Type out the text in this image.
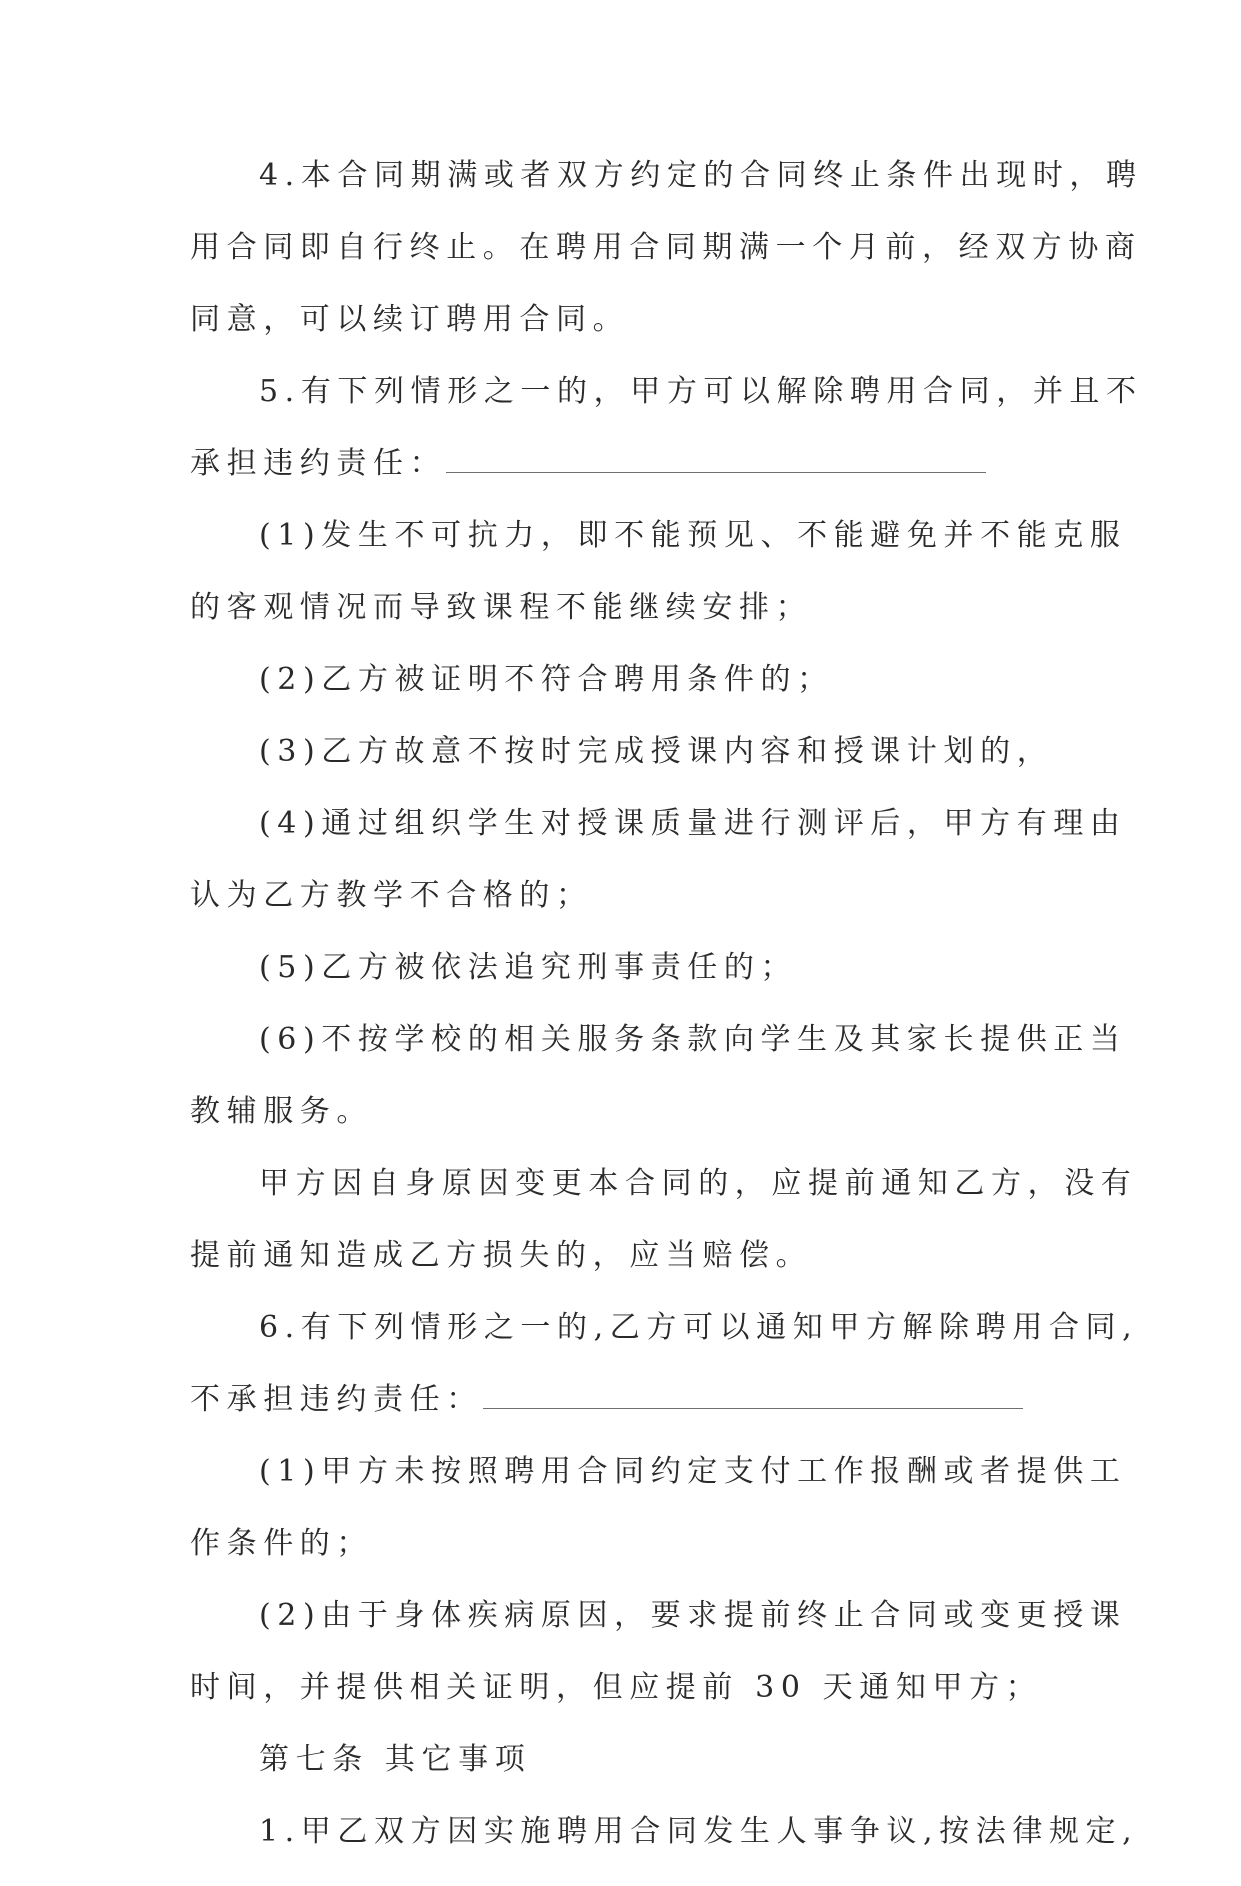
4.本合同期满或者双方约定的合同终止条件出现时，聘
用合同即自行终止。在聘用合同期满一个月前，经双方协商
同意，可以续订聘用合同。
5.有下列情形之一的，甲方可以解除聘用合同，并且不
承担违约责任：
(1)发生不可抗力，即不能预见、不能避免并不能克服
的客观情况而导致课程不能继续安排；
(2)乙方被证明不符合聘用条件的；
(3)乙方故意不按时完成授课内容和授课计划的，
(4)通过组织学生对授课质量进行测评后，甲方有理由
认为乙方教学不合格的；
(5)乙方被依法追究刑事责任的；
(6)不按学校的相关服务条款向学生及其家长提供正当
教辅服务。
甲方因自身原因变更本合同的，应提前通知乙方，没有
提前通知造成乙方损失的，应当赔偿。
6.有下列情形之一的,乙方可以通知甲方解除聘用合同,
不承担违约责任：
(1)甲方未按照聘用合同约定支付工作报酬或者提供工
作条件的；
(2)由于身体疾病原因，要求提前终止合同或变更授课
时间，并提供相关证明，但应提前 30 天通知甲方；
第七条 其它事项
1.甲乙双方因实施聘用合同发生人事争议,按法律规定,
